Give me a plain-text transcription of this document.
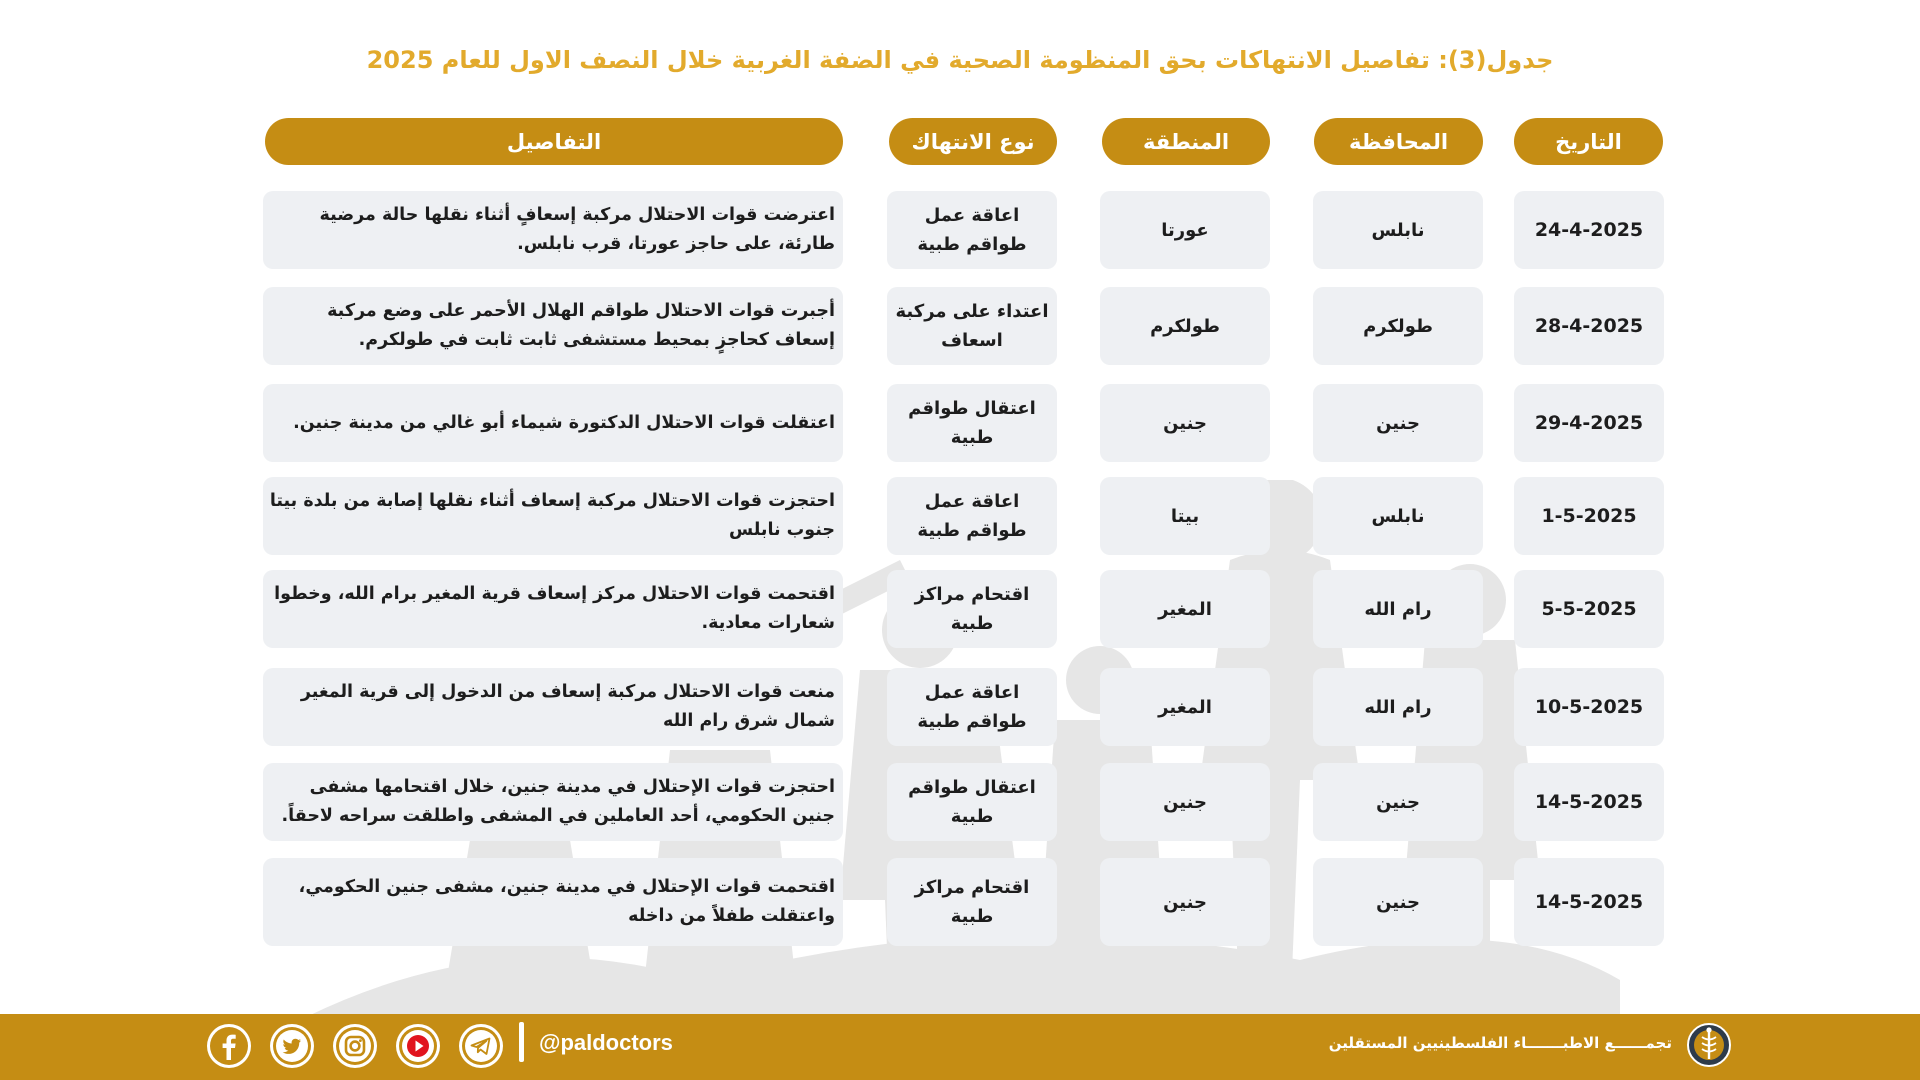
جدول(3): تفاصيل الانتهاكات بحق المنظومة الصحية في الضفة الغربية خلال النصف الاول للعام 2025
التاريخ
المحافظة
المنطقة
نوع الانتهاك
التفاصيل
24-4-2025
نابلس
عورتا
اعاقة عمل طواقم طبية
اعترضت قوات الاحتلال مركبة إسعافٍ أثناء نقلها حالة مرضية طارئة، على حاجز عورتا، قرب نابلس.
28-4-2025
طولكرم
طولكرم
اعتداء على مركبة اسعاف
أجبرت قوات الاحتلال طواقم الهلال الأحمر على وضع مركبة إسعاف كحاجزٍ بمحيط مستشفى ثابت ثابت في طولكرم.
29-4-2025
جنين
جنين
اعتقال طواقم طبية
اعتقلت قوات الاحتلال الدكتورة شيماء أبو غالي من مدينة جنين.
1-5-2025
نابلس
بيتا
اعاقة عمل طواقم طبية
احتجزت قوات الاحتلال مركبة إسعاف أثناء نقلها إصابة من بلدة بيتا جنوب نابلس
5-5-2025
رام الله
المغير
اقتحام مراكز طبية
اقتحمت قوات الاحتلال مركز إسعاف قرية المغير برام الله، وخطوا شعارات معادية.
10-5-2025
رام الله
المغير
اعاقة عمل طواقم طبية
منعت قوات الاحتلال مركبة إسعاف من الدخول إلى قرية المغير شمال شرق رام الله
14-5-2025
جنين
جنين
اعتقال طواقم طبية
احتجزت قوات الإحتلال في مدينة جنين، خلال اقتحامها مشفى جنين الحكومي، أحد العاملين في المشفى واطلقت سراحه لاحقاً.
14-5-2025
جنين
جنين
اقتحام مراكز طبية
اقتحمت قوات الإحتلال في مدينة جنين، مشفى جنين الحكومي، واعتقلت طفلاً من داخله
@paldoctors	تجمــــــع الاطبـــــــاء الفلسطينيين المستقلين
